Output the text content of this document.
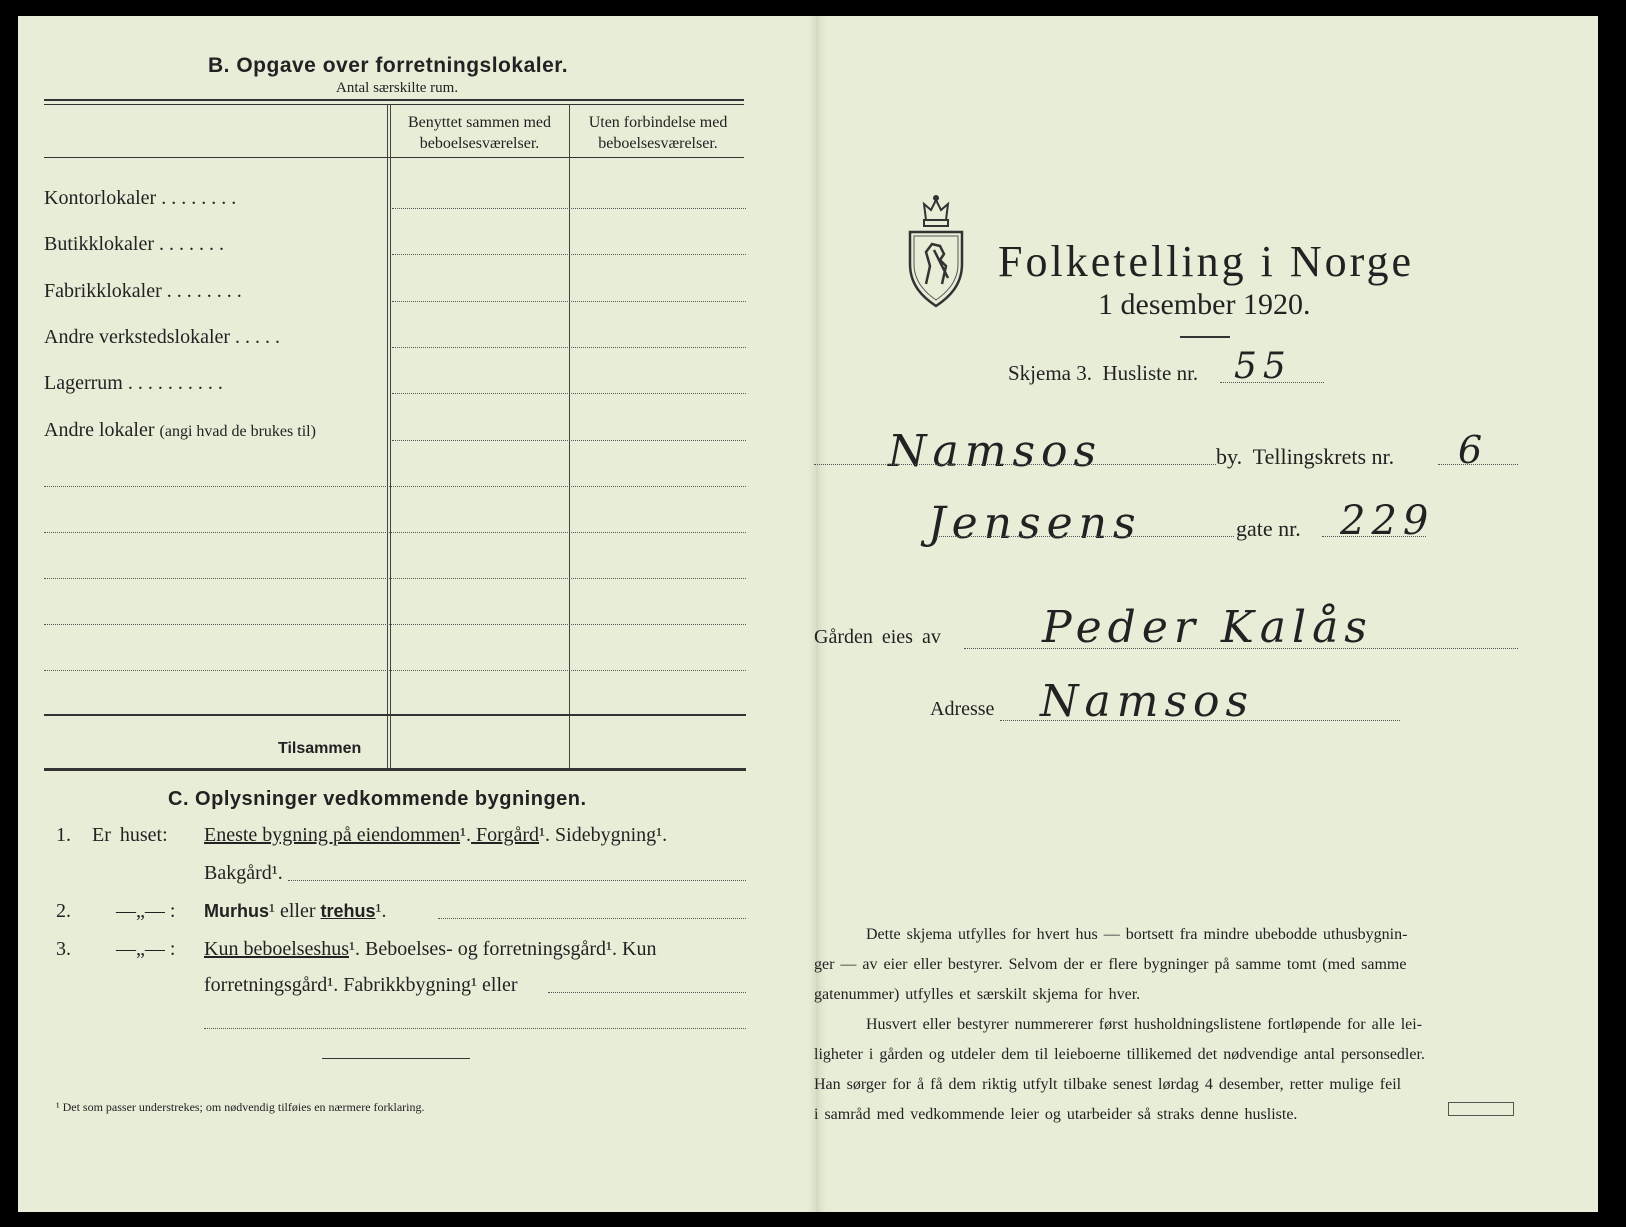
B. Opgave over forretningslokaler.
Antal særskilte rum.
Benyttet sammen med
beboelsesværelser.
Uten forbindelse med
beboelsesværelser.
Kontorlokaler . . . . . . . .
Butikklokaler . . . . . . .
Fabrikklokaler . . . . . . . .
Andre verkstedslokaler . . . . .
Lagerrum . . . . . . . . . .
Andre lokaler (angi hvad de brukes til)
Tilsammen
C. Oplysninger vedkommende bygningen.
1. Er huset: Eneste bygning på eiendommen¹. Forgård¹. Sidebygning¹.
Bakgård¹.
2. —„— : Murhus¹ eller trehus¹.
3. —„— : Kun beboelseshus¹. Beboelses- og forretningsgård¹. Kun
forretningsgård¹. Fabrikkbygning¹ eller
¹ Det som passer understrekes; om nødvendig tilføies en nærmere forklaring.
Folketelling i Norge
1 desember 1920.
Skjema 3.  Husliste nr. 55
Namsos	by.  Tellingskrets nr. 6
Jensens	gate nr. 229
Gården eies av Peder Kalås
Adresse Namsos
Dette skjema utfylles for hvert hus — bortsett fra mindre ubebodde uthusbygnin-
ger — av eier eller bestyrer. Selvom der er flere bygninger på samme tomt (med samme
gatenummer) utfylles et særskilt skjema for hver.
Husvert eller bestyrer nummererer først husholdningslistene fortløpende for alle lei-
ligheter i gården og utdeler dem til leieboerne tillikemed det nødvendige antal personsedler.
Han sørger for å få dem riktig utfylt tilbake senest lørdag 4 desember, retter mulige feil
i samråd med vedkommende leier og utarbeider så straks denne husliste.
